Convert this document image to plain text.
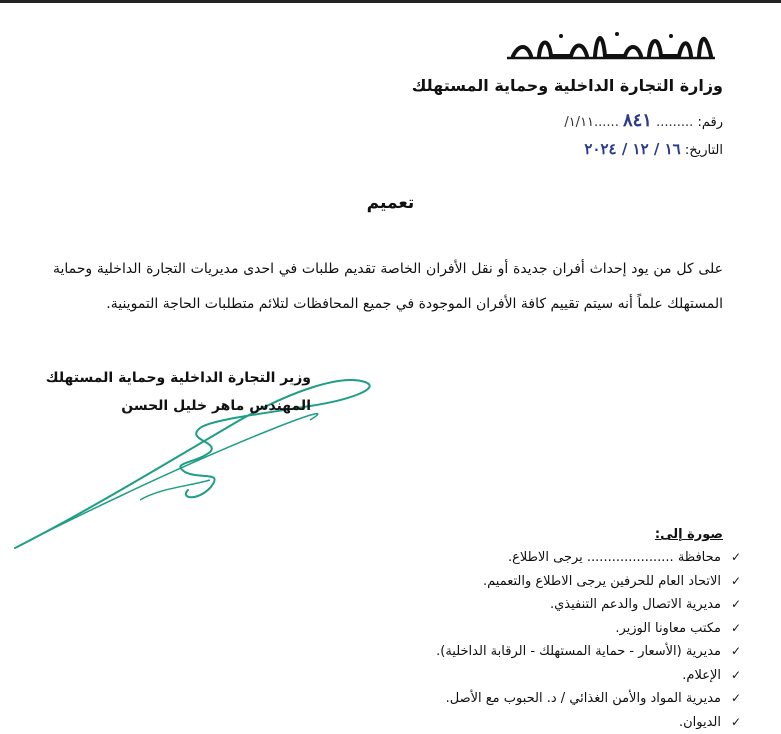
وزارة التجارة الداخلية وحماية المستهلك
رقم: ......... ٨٤١ ......١/١١/
التاريخ: ١٦ / ١٢ / ٢٠٢٤
تعميم
على كل من يود إحداث أفران جديدة أو نقل الأفران الخاصة تقديم طلبات في احدى مديريات التجارة الداخلية وحماية المستهلك علماً أنه سيتم تقييم كافة الأفران الموجودة في جميع المحافظات لتلائم متطلبات الحاجة التموينية.
وزير التجارة الداخلية وحماية المستهلك
المهندس ماهر خليل الحسن
صورة إلى:
✓محافظة ..................... يرجى الاطلاع.
✓الاتحاد العام للحرفين يرجى الاطلاع والتعميم.
✓مديرية الاتصال والدعم التنفيذي.
✓مكتب معاونا الوزير.
✓مديرية (الأسعار - حماية المستهلك - الرقابة الداخلية).
✓الإعلام.
✓مديرية المواد والأمن الغذائي / د. الحبوب مع الأصل.
✓الديوان.
